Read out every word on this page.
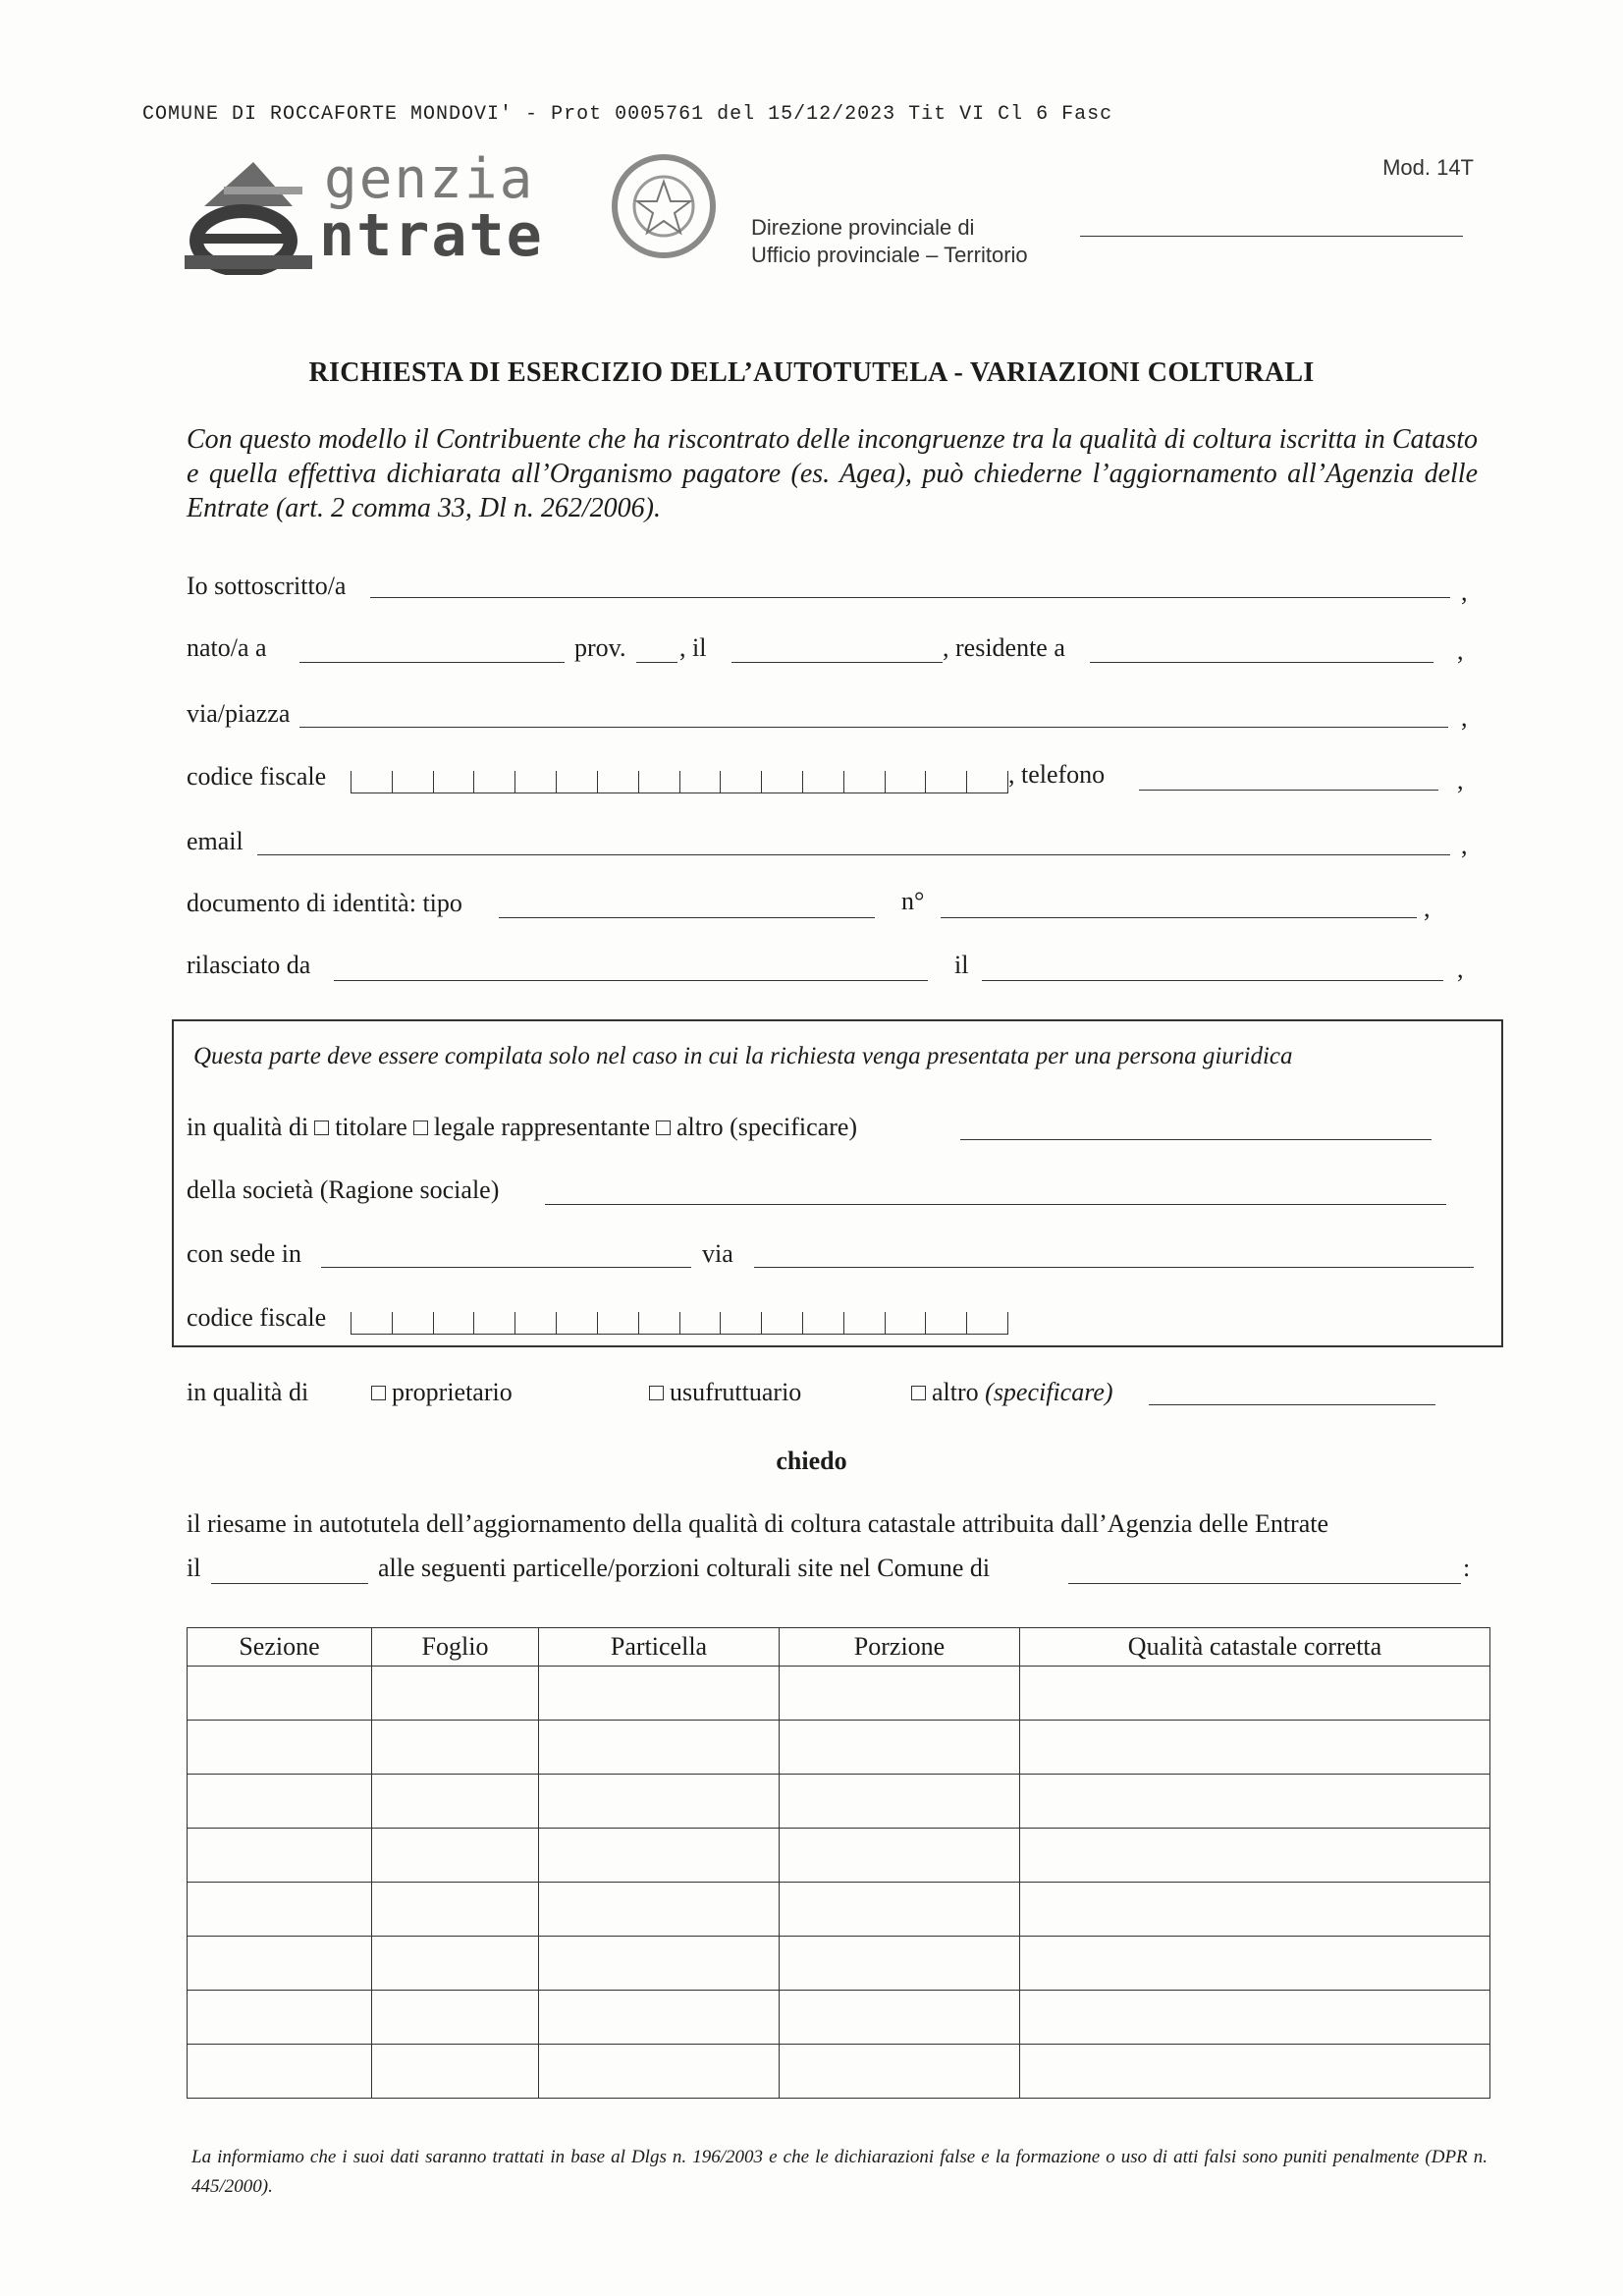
COMUNE DI ROCCAFORTE MONDOVI' - Prot 0005761 del 15/12/2023 Tit VI Cl 6 Fasc
genzia
ntrate
Mod. 14T
Direzione provinciale di
Ufficio provinciale – Territorio
RICHIESTA DI ESERCIZIO DELL’AUTOTUTELA - VARIAZIONI COLTURALI
Con questo modello il Contribuente che ha riscontrato delle incongruenze tra la qualità di coltura iscritta in Catasto e quella effettiva dichiarata all’Organismo pagatore (es. Agea), può chiederne l’aggiornamento all’Agenzia delle Entrate (art. 2 comma 33, Dl n. 262/2006).
Io sottoscritto/a	,
nato/a a	prov. , il	, residente a	,
via/piazza	,
codice fiscale	, telefono	,
email	,
documento di identità: tipo	n°	,
rilasciato da	il	,
Questa parte deve essere compilata solo nel caso in cui la richiesta venga presentata per una persona giuridica
in qualità di titolare legale rappresentante altro (specificare)
della società (Ragione sociale)
con sede in	via
codice fiscale
in qualità di	proprietario	usufruttuario	altro (specificare)
chiedo
il riesame in autotutela dell’aggiornamento della qualità di coltura catastale attribuita dall’Agenzia delle Entrate
il	alle seguenti particelle/porzioni colturali site nel Comune di	:
Sezione	Foglio	Particella	Porzione	Qualità catastale corretta

La informiamo che i suoi dati saranno trattati in base al Dlgs n. 196/2003 e che le dichiarazioni false e la formazione o uso di atti falsi sono puniti penalmente (DPR n. 445/2000).
